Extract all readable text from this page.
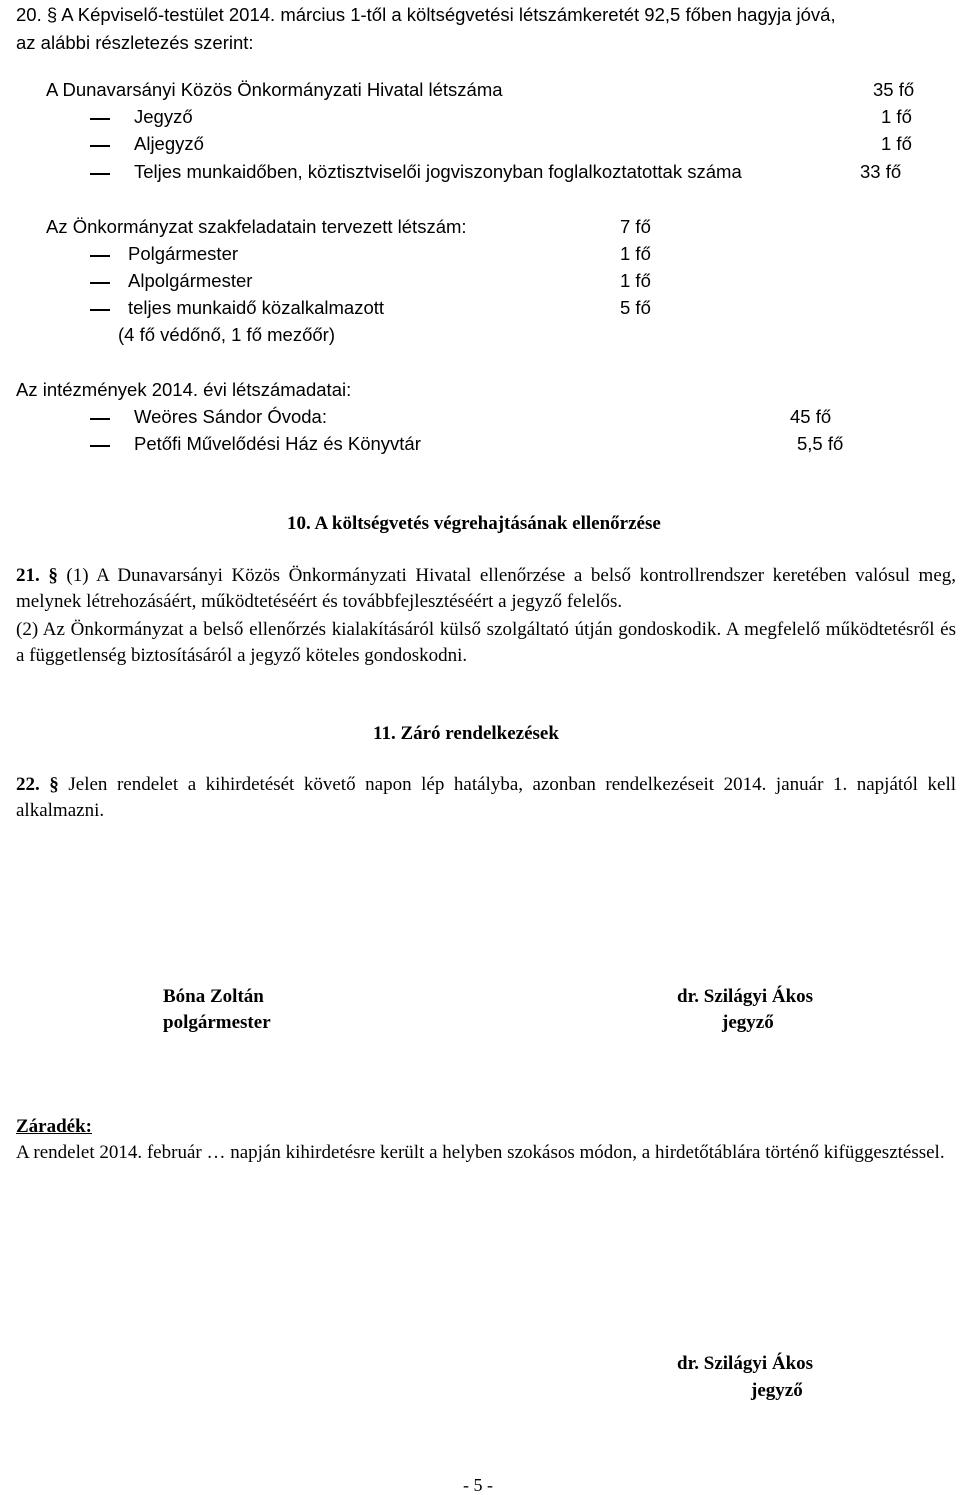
20. § A Képviselő-testület 2014. március 1-től a költségvetési létszámkeretét 92,5 főben hagyja jóvá,
az alábbi részletezés szerint:
A Dunavarsányi Közös Önkormányzati Hivatal létszáma	35 fő
Jegyző	1 fő
Aljegyző	1 fő
Teljes munkaidőben, köztisztviselői jogviszonyban foglalkoztatottak száma	33 fő
Az Önkormányzat szakfeladatain tervezett létszám:	7 fő
Polgármester	1 fő
Alpolgármester	1 fő
teljes munkaidő közalkalmazott	5 fő
(4 fő védőnő, 1 fő mezőőr)
Az intézmények 2014. évi létszámadatai:
Weöres Sándor Óvoda:	45 fő
Petőfi Művelődési Ház és Könyvtár	5,5 fő
10. A költségvetés végrehajtásának ellenőrzése
21. § (1) A Dunavarsányi Közös Önkormányzati Hivatal ellenőrzése a belső kontrollrendszer keretében valósul meg, melynek létrehozásáért, működtetéséért és továbbfejlesztéséért a jegyző felelős.
(2) Az Önkormányzat a belső ellenőrzés kialakításáról külső szolgáltató útján gondoskodik. A megfelelő működtetésről és a függetlenség biztosításáról a jegyző köteles gondoskodni.
11. Záró rendelkezések
22. § Jelen rendelet a kihirdetését követő napon lép hatályba, azonban rendelkezéseit 2014. január 1. napjától kell alkalmazni.
Bóna Zoltán
polgármester
dr. Szilágyi Ákos
jegyző
Záradék:
A rendelet 2014. február … napján kihirdetésre került a helyben szokásos módon, a hirdetőtáblára történő kifüggesztéssel.
dr. Szilágyi Ákos
jegyző
- 5 -
